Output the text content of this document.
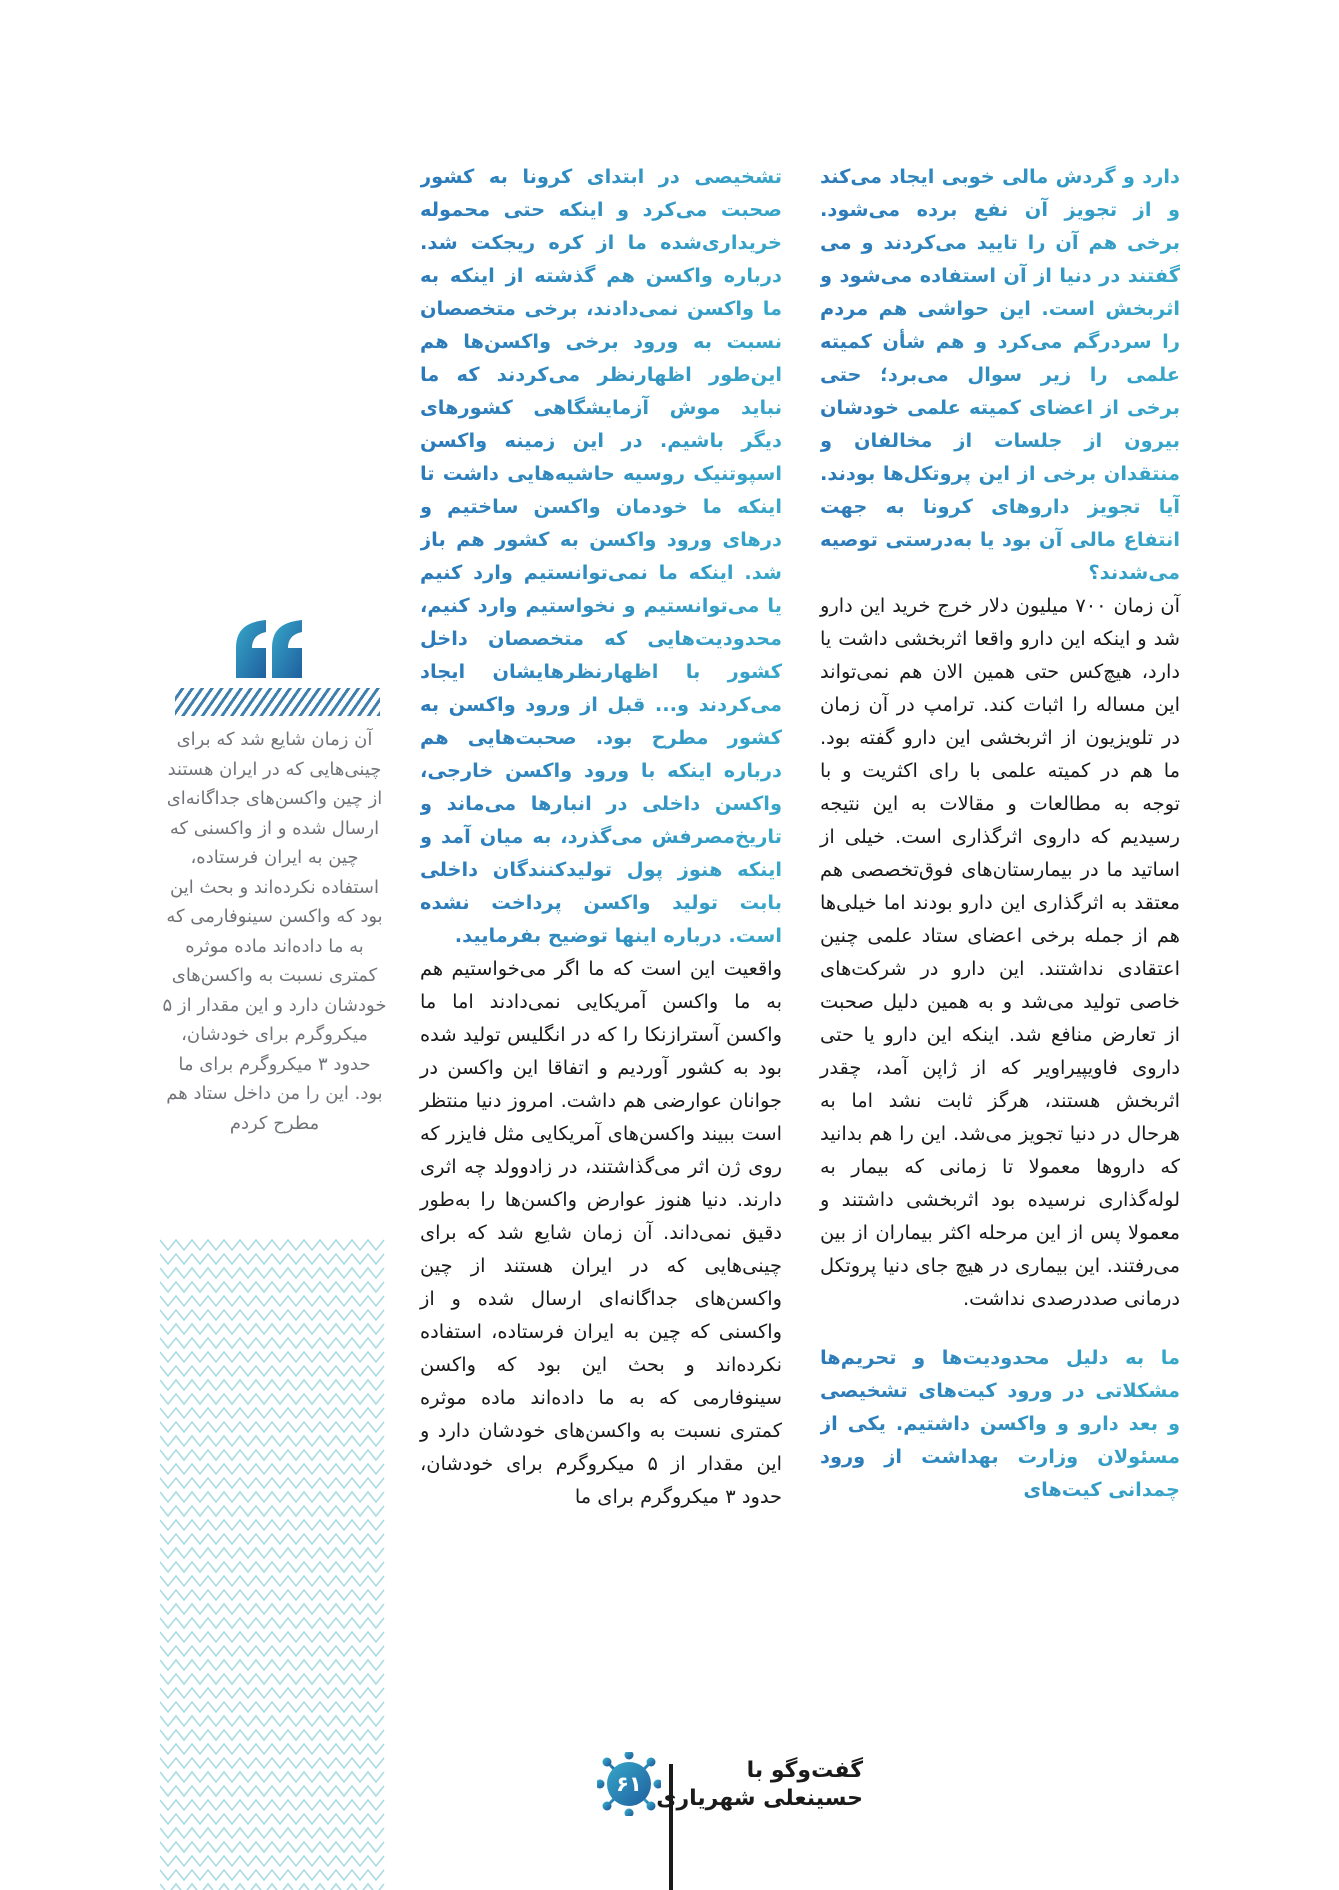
دارد و گردش مالی خوبی ایجاد می‌کند و از تجویز آن نفع برده می‌شود. برخی هم آن را تایید می‌کردند و می گفتند در دنیا از آن استفاده می‌شود و اثربخش است. این حواشی هم مردم را سردرگم می‌کرد و هم شأن کمیته علمی را زیر سوال می‌برد؛ حتی برخی از اعضای کمیته علمی خودشان بیرون از جلسات از مخالفان و منتقدان برخی از این پروتکل‌ها بودند. آیا تجویز داروهای کرونا به جهت انتفاع مالی آن بود یا به‌درستی توصیه می‌شدند؟

آن زمان ۷۰۰ میلیون دلار خرج خرید این دارو شد و اینکه این دارو واقعا اثربخشی داشت یا دارد، هیچ‌کس حتی همین الان هم نمی‌تواند این مساله را اثبات کند. ترامپ در آن زمان در تلویزیون از اثربخشی این دارو گفته بود. ما هم در کمیته علمی با رای اکثریت و با توجه به مطالعات و مقالات به این نتیجه رسیدیم که داروی اثرگذاری است. خیلی از اساتید ما در بیمارستان‌های فوق‌تخصصی هم معتقد به اثرگذاری این دارو بودند اما خیلی‌ها هم از جمله برخی اعضای ستاد علمی چنین اعتقادی نداشتند. این دارو در شرکت‌های خاصی تولید می‌شد و به همین دلیل صحبت از تعارض منافع شد. اینکه این دارو یا حتی داروی فاویپیراویر که از ژاپن آمد، چقدر اثربخش هستند، هرگز ثابت نشد اما به هرحال در دنیا تجویز می‌شد. این را هم بدانید که داروها معمولا تا زمانی که بیمار به لوله‌گذاری نرسیده بود اثربخشی داشتند و معمولا پس از این مرحله اکثر بیماران از بین می‌رفتند. این بیماری در هیچ جای دنیا پروتکل درمانی صددرصدی نداشت.

ما به دلیل محدودیت‌ها و تحریم‌ها مشکلاتی در ورود کیت‌های تشخیصی و بعد دارو و واکسن داشتیم. یکی از مسئولان وزارت بهداشت از ورود چمدانی کیت‌های

تشخیصی در ابتدای کرونا به کشور صحبت می‌کرد و اینکه حتی محموله خریداری‌شده ما از کره ریجکت شد. درباره واکسن هم گذشته از اینکه به ما واکسن نمی‌دادند، برخی متخصصان نسبت به ورود برخی واکسن‌ها هم این‌طور اظهارنظر می‌کردند که ما نباید موش آزمایشگاهی کشورهای دیگر باشیم. در این زمینه واکسن اسپوتنیک روسیه حاشیه‌هایی داشت تا اینکه ما خودمان واکسن ساختیم و درهای ورود واکسن به کشور هم باز شد. اینکه ما نمی‌توانستیم وارد کنیم یا می‌توانستیم و نخواستیم وارد کنیم، محدودیت‌هایی که متخصصان داخل کشور با اظهارنظرهایشان ایجاد می‌کردند و... قبل از ورود واکسن به کشور مطرح بود. صحبت‌هایی هم درباره اینکه با ورود واکسن خارجی، واکسن داخلی در انبارها می‌ماند و تاریخ‌مصرفش می‌گذرد، به میان آمد و اینکه هنوز پول تولیدکنندگان داخلی بابت تولید واکسن پرداخت نشده است. درباره اینها توضیح بفرمایید.

واقعیت این است که ما اگر می‌خواستیم هم به ما واکسن آمریکایی نمی‌دادند اما ما واکسن آسترازنکا را که در انگلیس تولید شده بود به کشور آوردیم و اتفاقا این واکسن در جوانان عوارضی هم داشت. امروز دنیا منتظر است ببیند واکسن‌های آمریکایی مثل فایزر که روی ژن اثر می‌گذاشتند، در زادوولد چه اثری دارند. دنیا هنوز عوارض واکسن‌ها را به‌طور دقیق نمی‌داند. آن زمان شایع شد که برای چینی‌هایی که در ایران هستند از چین واکسن‌های جداگانه‌ای ارسال شده و از واکسنی که چین به ایران فرستاده، استفاده نکرده‌اند و بحث این بود که واکسن سینوفارمی که به ما داده‌اند ماده موثره کمتری نسبت به واکسن‌های خودشان دارد و این مقدار از ۵ میکروگرم برای خودشان، حدود ۳ میکروگرم برای ما

آن زمان شایع شد که برای چینی‌هایی که در ایران هستند از چین واکسن‌های جداگانه‌ای ارسال شده و از واکسنی که چین به ایران فرستاده، استفاده نکرده‌اند و بحث این بود که واکسن سینوفارمی که به ما داده‌اند ماده موثره کمتری نسبت به واکسن‌های خودشان دارد و این مقدار از ۵ میکروگرم برای خودشان، حدود ۳ میکروگرم برای ما بود. این را من داخل ستاد هم مطرح کردم
۶۱
گفت‌وگو با
حسینعلی شهریاری
